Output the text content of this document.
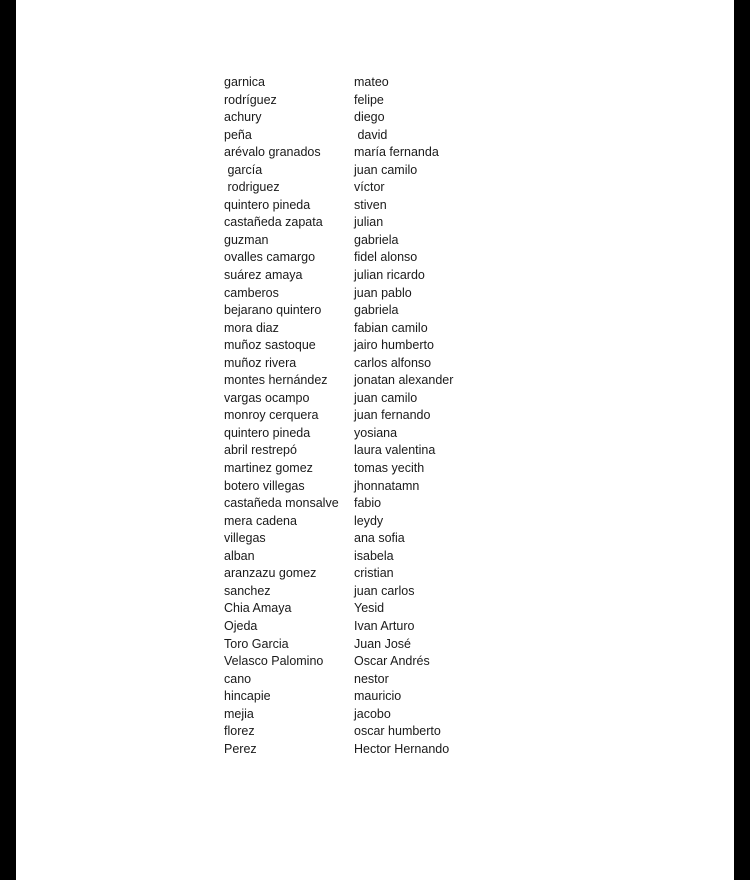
garnica	mateo
rodríguez	felipe
achury	diego
peña	david
arévalo granados	maría fernanda
garcía	juan camilo
rodriguez	víctor
quintero pineda	stiven
castañeda zapata	julian
guzman	gabriela
ovalles camargo	fidel alonso
suárez amaya	julian ricardo
camberos	juan pablo
bejarano quintero	gabriela
mora diaz	fabian camilo
muñoz sastoque	jairo humberto
muñoz rivera	carlos alfonso
montes hernández	jonatan alexander
vargas ocampo	juan camilo
monroy cerquera	juan fernando
quintero pineda	yosiana
abril restrepó	laura valentina
martinez gomez	tomas yecith
botero villegas	jhonnatamn
castañeda monsalve	fabio
mera cadena	leydy
villegas	ana sofia
alban	isabela
aranzazu gomez	cristian
sanchez	juan carlos
Chia Amaya	Yesid
Ojeda	Ivan Arturo
Toro Garcia	Juan José
Velasco Palomino	Oscar Andrés
cano	nestor
hincapie	mauricio
mejia	jacobo
florez	oscar humberto
Perez	Hector Hernando
